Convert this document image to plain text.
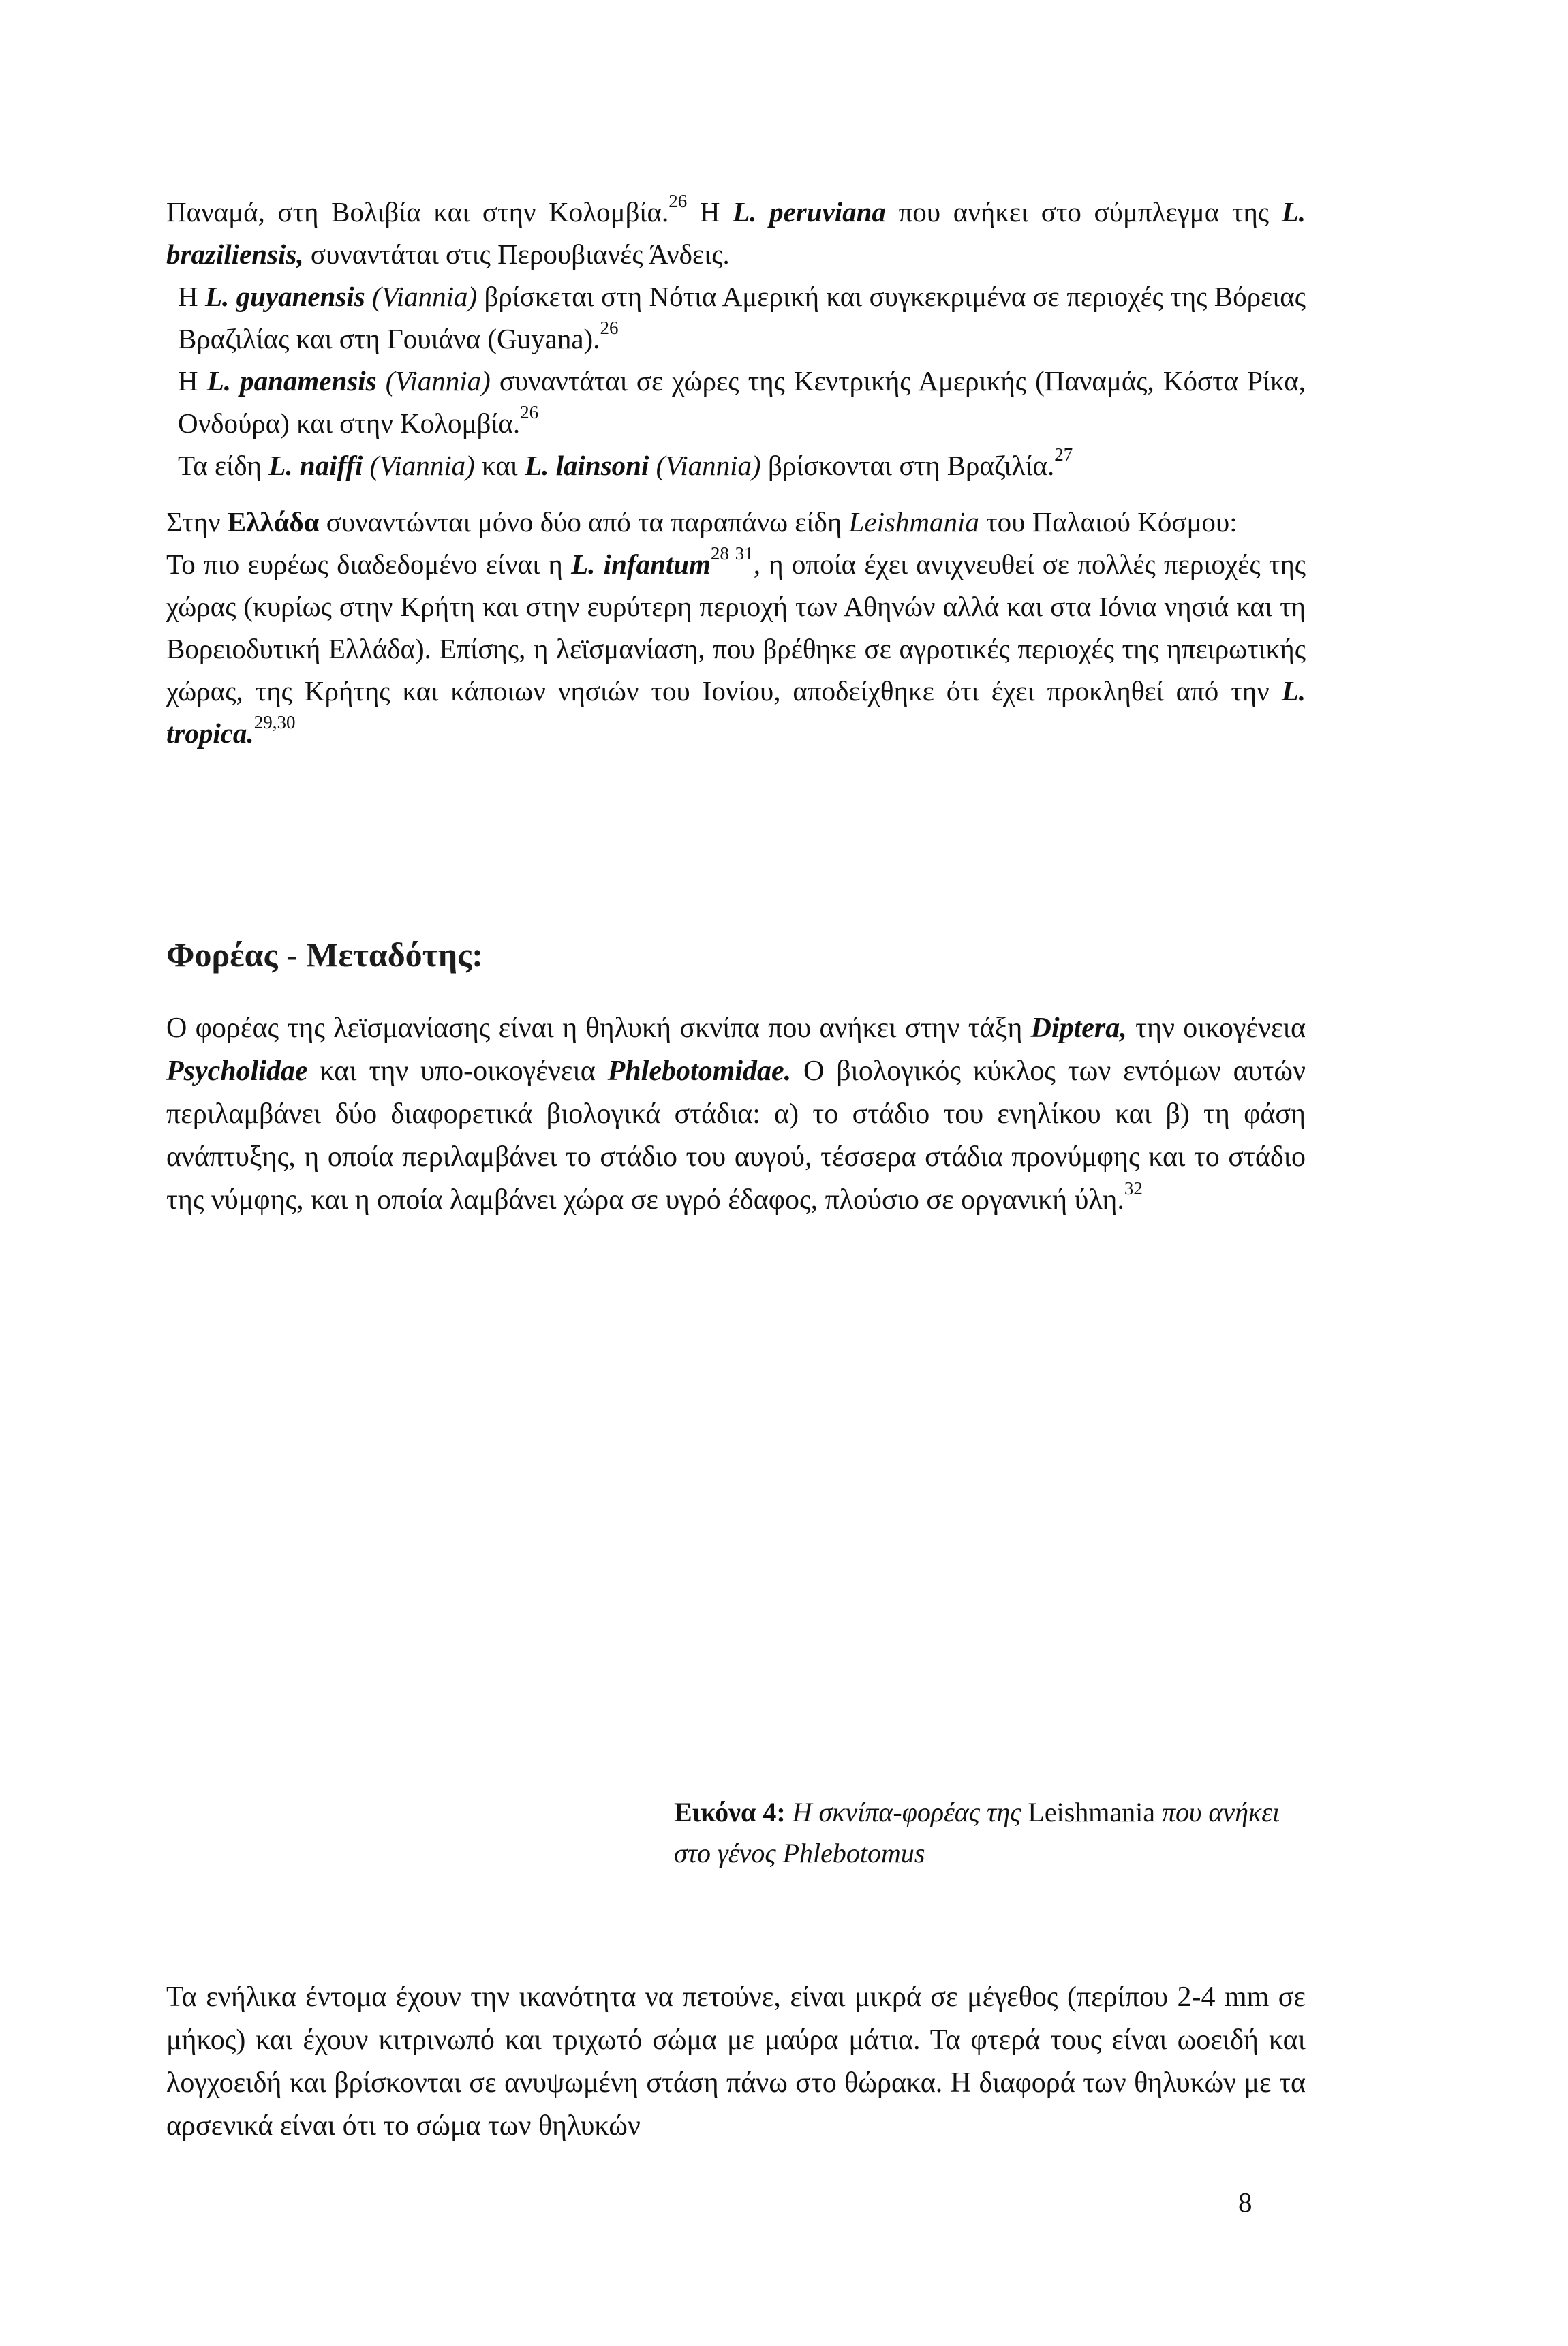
Παναμά, στη Βολιβία και στην Κολομβία.$^{26}$ Η L. peruviana που ανήκει στο σύμπλεγμα της L. braziliensis, συναντάται στις Περουβιανές Άνδεις.

Η L. guyanensis (Viannia) βρίσκεται στη Νότια Αμερική και συγκεκριμένα σε περιοχές της Βόρειας Βραζιλίας και στη Γουιάνα (Guyana).$^{26}$

Η L. panamensis (Viannia) συναντάται σε χώρες της Κεντρικής Αμερικής (Παναμάς, Κόστα Ρίκα, Ονδούρα) και στην Κολομβία.$^{26}$

Τα είδη L. naiffi (Viannia) και L. lainsoni (Viannia) βρίσκονται στη Βραζιλία.$^{27}$

Στην Ελλάδα συναντώνται μόνο δύο από τα παραπάνω είδη Leishmania του Παλαιού Κόσμου:

Το πιο ευρέως διαδεδομένο είναι η L. infantum$^{28 31}$, η οποία έχει ανιχνευθεί σε πολλές περιοχές της χώρας (κυρίως στην Κρήτη και στην ευρύτερη περιοχή των Αθηνών αλλά και στα Ιόνια νησιά και τη Βορειοδυτική Ελλάδα). Επίσης, η λεϊσμανίαση, που βρέθηκε σε αγροτικές περιοχές της ηπειρωτικής χώρας, της Κρήτης και κάποιων νησιών του Ιονίου, αποδείχθηκε ότι έχει προκληθεί από την L. tropica.$^{29,30}$

Φορέας - Μεταδότης:

Ο φορέας της λεϊσμανίασης είναι η θηλυκή σκνίπα που ανήκει στην τάξη Diptera, την οικογένεια Psycholidae και την υπο-οικογένεια Phlebotomidae. Ο βιολογικός κύκλος των εντόμων αυτών περιλαμβάνει δύο διαφορετικά βιολογικά στάδια: α) το στάδιο του ενηλίκου και β) τη φάση ανάπτυξης, η οποία περιλαμβάνει το στάδιο του αυγού, τέσσερα στάδια προνύμφης και το στάδιο της νύμφης, και η οποία λαμβάνει χώρα σε υγρό έδαφος, πλούσιο σε οργανική ύλη.$^{32}$

Εικόνα 4: Η σκνίπα-φορέας της Leishmania που ανήκει στο γένος Phlebotomus

Τα ενήλικα έντομα έχουν την ικανότητα να πετούνε, είναι μικρά σε μέγεθος (περίπου 2-4 mm σε μήκος) και έχουν κιτρινωπό και τριχωτό σώμα με μαύρα μάτια. Τα φτερά τους είναι ωοειδή και λογχοειδή και βρίσκονται σε ανυψωμένη στάση πάνω στο θώρακα. Η διαφορά των θηλυκών με τα αρσενικά είναι ότι το σώμα των θηλυκών

8
